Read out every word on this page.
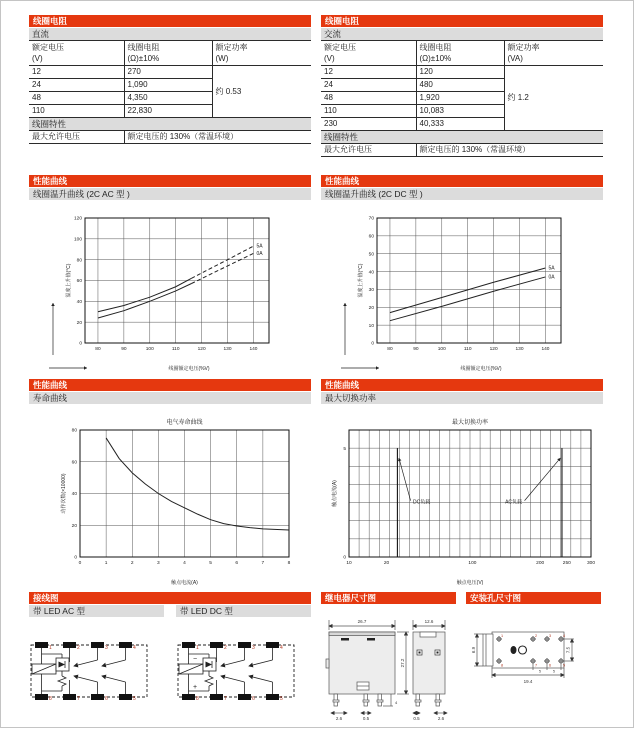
线圈电阻
直流		

额定电压
(V)

线圈电阻
(Ω)±10%

额定功率
(W)

12	270	约 0.53
24	1,090	
48	4,350	
110	22,830	
线圈特性		
最大允许电压	额定电压的 130%（常温环境）	
线圈电阻
交流		

额定电压
(V)

线圈电阻
(Ω)±10%

额定功率
(VA)

12	120	约 1.2
24	480	
48	1,920	
110	10,083	
230	40,333	
线圈特性		
最大允许电压	额定电压的 130%（常温环境）	
性能曲线
线圈温升曲线 (2C AC 型 )
80	90	100	110	120	130	140
0
20
40
60
80
100
120
5A
0A
温度上升值(°C)
线圈额定电压(%V)
性能曲线
线圈温升曲线 (2C DC 型 )
80	90	100	110	120	130	140
0
10
20
30
40
50
60
70
5A
0A
温度上升值(°C)
线圈额定电压(%V)
性能曲线
寿命曲线
电气寿命曲线
0	1	2	3	4	5	6	7	8
0
20
40
60
80
动作次数(×10000)
触点电流(A)
性能曲线
最大切换功率
最大切换功率
10	20	100	200	250	300
0
5
DC负载	AC负载
触点电流(A)
触点电压(V)
接线图
带 LED AC 型
1	2	3	4
8	7	6	5
带 LED DC 型
1	2	3	4
8	7	6	5
−
+
继电器尺寸图
26.7
27.2
12.6
4
2.6	0.5	0.5	2.6
安装孔尺寸图
1	2	3	4
8	7	6	5
6.9	7.5
19.4
5	5
